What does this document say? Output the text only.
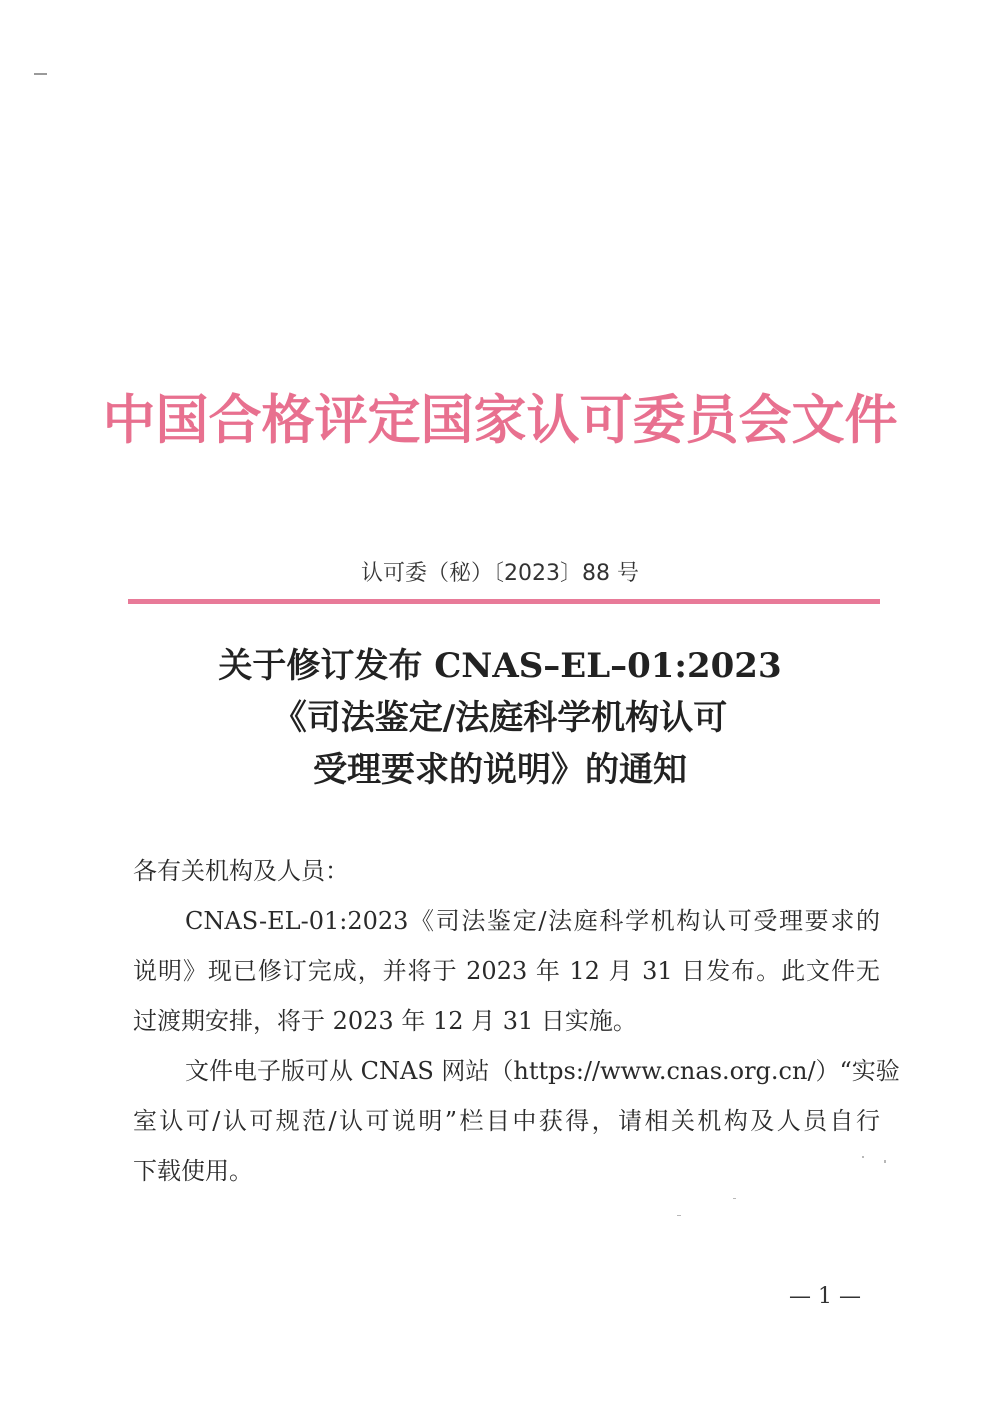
中国合格评定国家认可委员会文件
认可委（秘）〔2023〕88 号
关于修订发布 CNAS–EL–01:2023
《司法鉴定/法庭科学机构认可
受理要求的说明》的通知
各有关机构及人员：
CNAS-EL-01:2023《司法鉴定/法庭科学机构认可受理要求的
说明》现已修订完成，并将于 2023 年 12 月 31 日发布。此文件无
过渡期安排，将于 2023 年 12 月 31 日实施。
文件电子版可从 CNAS 网站（https://www.cnas.org.cn/）“实验
室认可/认可规范/认可说明”栏目中获得，请相关机构及人员自行
下载使用。
— 1 —
